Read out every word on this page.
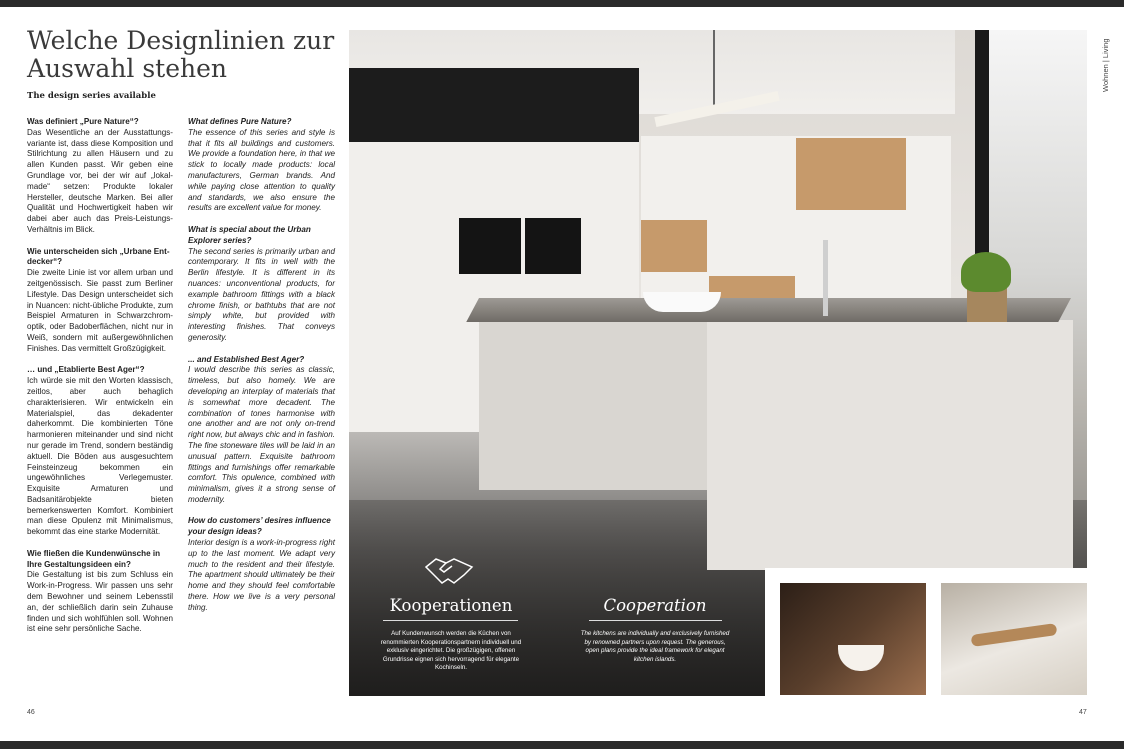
Welche Designlinien zur Auswahl stehen
The design series available
Was definiert „Pure Nature“?

Das Wesentliche an der Ausstattungsvariante ist, dass diese Komposition und Stilrichtung zu allen Häusern und zu allen Kunden passt. Wir geben eine Grundlage vor, bei der wir auf „lokal-made“ setzen: Produkte lokaler Hersteller, deutsche Marken. Bei aller Qualität und Hochwertigkeit haben wir dabei aber auch das Preis-Leistungs-Verhältnis im Blick.

Wie unterscheiden sich „Urbane Entdecker“?

Die zweite Linie ist vor allem urban und zeitgenössisch. Sie passt zum Berliner Lifestyle. Das Design unterscheidet sich in Nuancen: nicht-übliche Produkte, zum Beispiel Armaturen in Schwarzchromoptik, oder Badoberflächen, nicht nur in Weiß, sondern mit außergewöhnlichen Finishes. Das vermittelt Großzügigkeit.

… und „Etablierte Best Ager“?

Ich würde sie mit den Worten klassisch, zeitlos, aber auch behaglich charakterisieren. Wir entwickeln ein Materialspiel, das dekadenter daherkommt. Die kombinierten Töne harmonieren miteinander und sind nicht nur gerade im Trend, sondern beständig aktuell. Die Böden aus ausgesuchtem Feinsteinzeug bekommen ein ungewöhnliches Verlegemuster. Exquisite Armaturen und Badsanitärobjekte bieten bemerkenswerten Komfort. Kombiniert man diese Opulenz mit Minimalismus, bekommt das eine starke Modernität.

Wie fließen die Kundenwünsche in Ihre Gestaltungsideen ein?

Die Gestaltung ist bis zum Schluss ein Work-in-Progress. Wir passen uns sehr dem Bewohner und seinem Lebensstil an, der schließlich darin sein Zuhause finden und sich wohlfühlen soll. Wohnen ist eine sehr persönliche Sache.

What defines Pure Nature?

The essence of this series and style is that it fits all buildings and customers. We provide a foundation here, in that we stick to locally made products: local manufacturers, German brands. And while paying close attention to quality and standards, we also ensure the results are excellent value for money.

What is special about the Urban Explorer series?

The second series is primarily urban and contemporary. It fits in well with the Berlin lifestyle. It is different in its nuances: unconventional products, for example bathroom fittings with a black chrome finish, or bathtubs that are not simply white, but provided with interesting finishes. That conveys generosity.

... and Established Best Ager?

I would describe this series as classic, timeless, but also homely. We are developing an interplay of materials that is somewhat more decadent. The combination of tones harmonise with one another and are not only on-trend right now, but always chic and in fashion. The fine stoneware tiles will be laid in an unusual pattern. Exquisite bathroom fittings and furnishings offer remarkable comfort. This opulence, combined with minimalism, gives it a strong sense of modernity.

How do customers’ desires influence your design ideas?

Interior design is a work-in-progress right up to the last moment. We adapt very much to the resident and their lifestyle. The apartment should ultimately be their home and they should feel comfortable there. How we live is a very personal thing.	Kooperationen	Cooperation
Auf Kundenwunsch werden die Küchen von renommierten Kooperationspartnern individuell und exklusiv eingerichtet. Die großzügigen, offenen Grundrisse eignen sich hervorragend für elegante Kochinseln.
The kitchens are individually and exclusively furnished by renowned partners upon request. The generous, open plans provide the ideal framework for elegant kitchen islands.
Wohnen | Living
46	47
